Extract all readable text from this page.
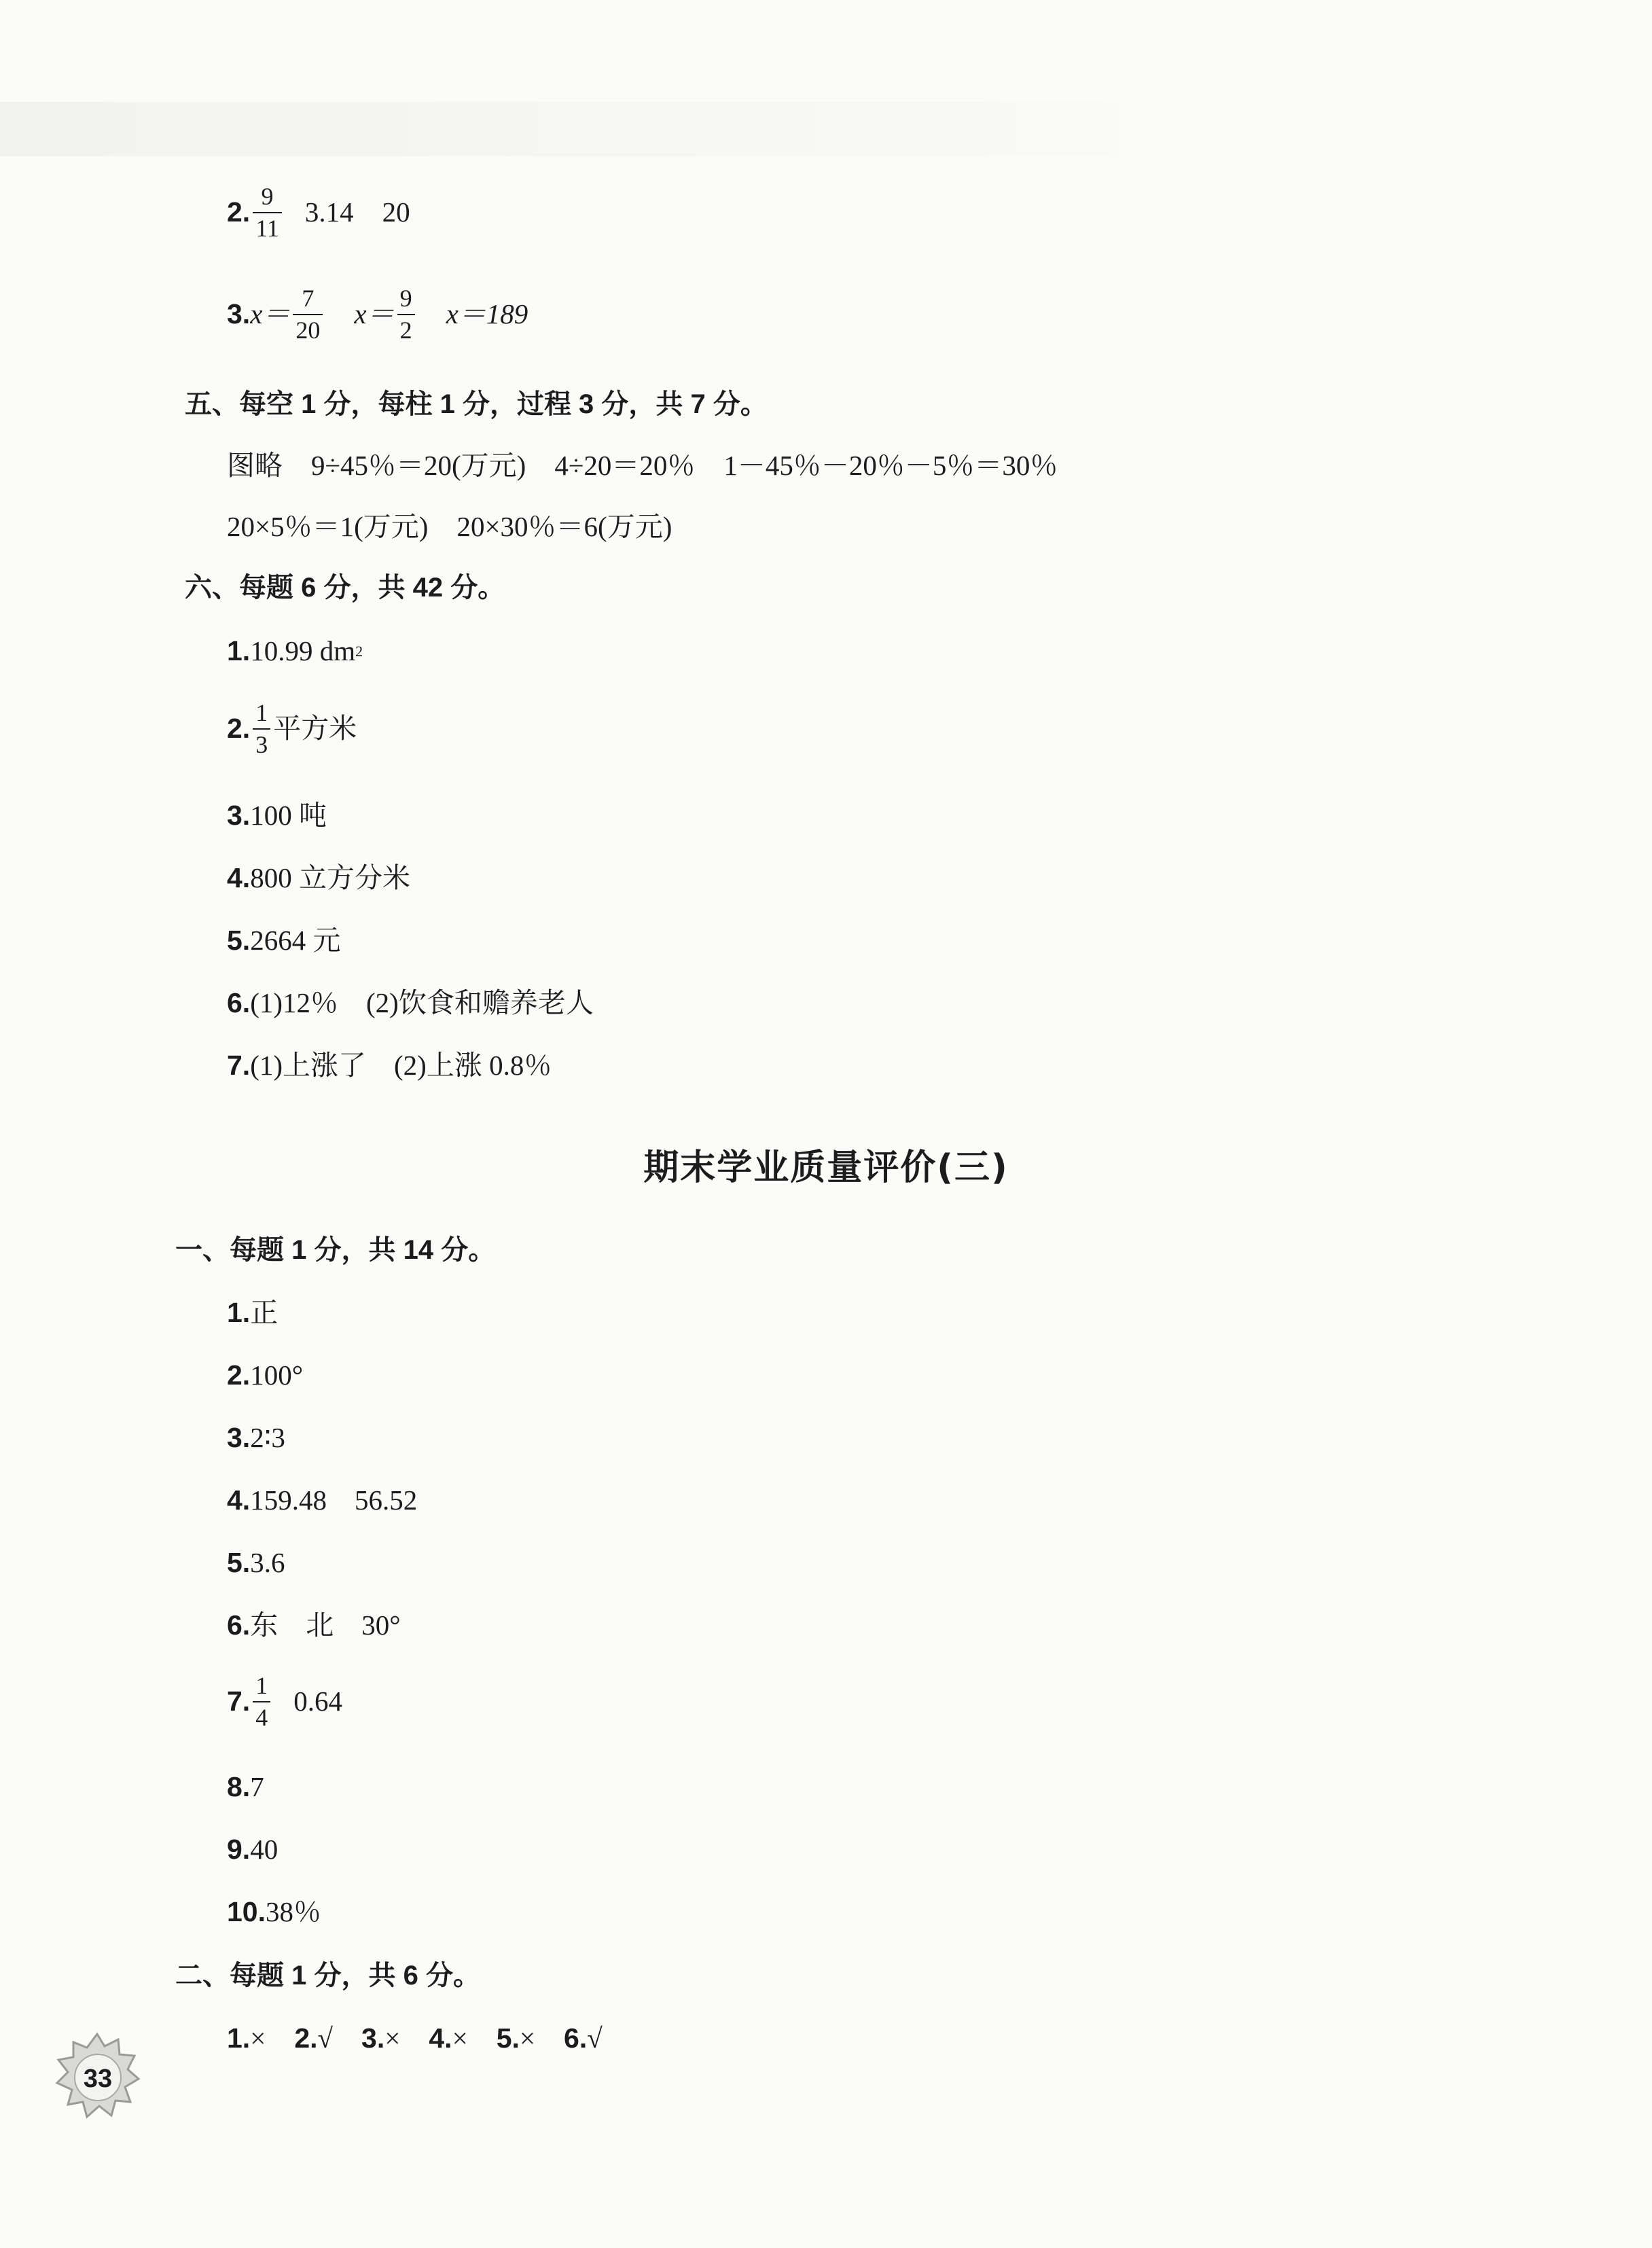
2. $\frac{9}{11} 3.14$ 20
3. $x= \frac{7}{20} x= \frac{9}{2} x=189$
五、每空 1 分，每柱 1 分，过程 3 分，共 7 分。
图略 9÷45％＝20(万元) 4÷20＝20％ 1－45％－20％－5％＝30％
20×5％＝1(万元) 20×30％＝6(万元)
六、每题 6 分，共 42 分。
1. 10.99 dm 2
2. $\frac{1}{3}$ 平方米
3. 100 吨
4. 800 立方分米
5. 2664 元
6. (1)12％　(2)饮食和赡养老人
7. (1)上涨了　(2)上涨 0.8％
期末学业质量评价(三)
一、每题 1 分，共 14 分。
1. 正
2. 100°
3. 2∶3
4. 159.48　56.52
5. 3.6
6. 东　北　30°
7. $\frac{1}{4} 0.64$
8. 7
9. 40
10. 38％
二、每题 1 分，共 6 分。
1. × 2. √ 3. × 4. × 5. × 6. √
33
